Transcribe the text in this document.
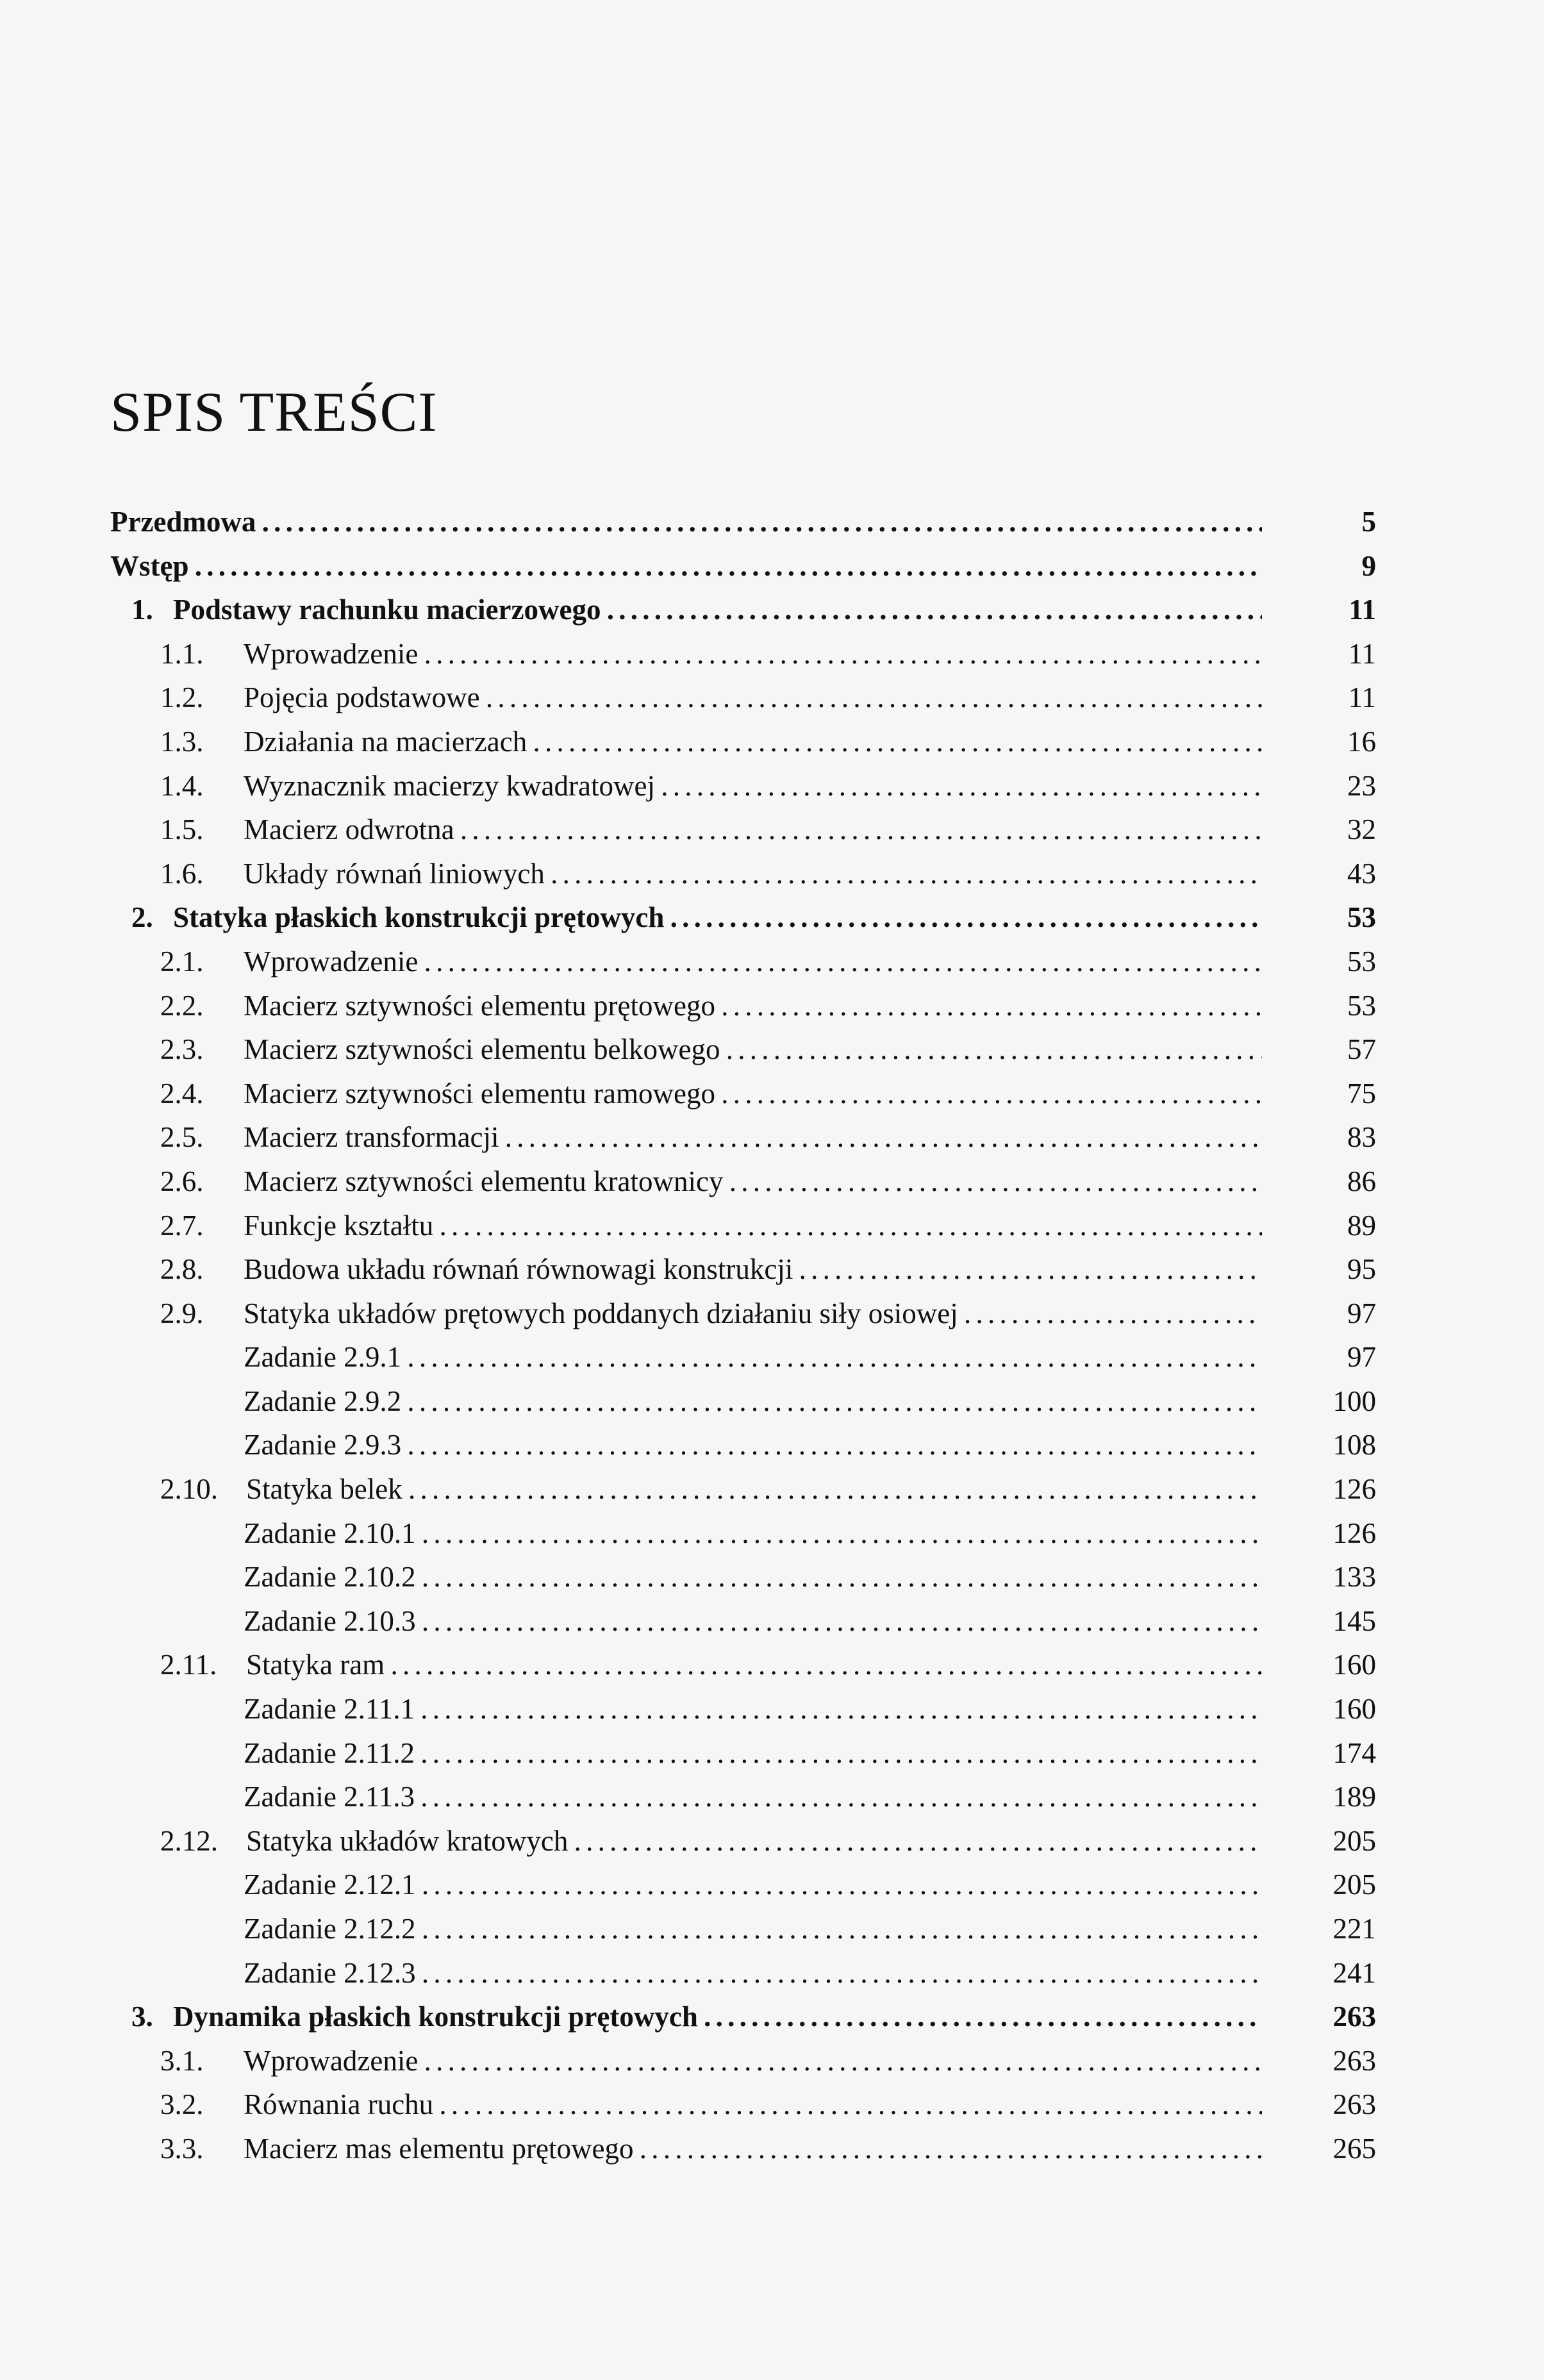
SPIS TREŚCI
Przedmowa . . .	5
Wstęp . . .	9
1. Podstawy rachunku macierzowego . . .	11
1.1. Wprowadzenie . . .	11
1.2. Pojęcia podstawowe . . .	11
1.3. Działania na macierzach . . .	16
1.4. Wyznacznik macierzy kwadratowej . . .	23
1.5. Macierz odwrotna . . .	32
1.6. Układy równań liniowych . . .	43
2. Statyka płaskich konstrukcji prętowych . . .	53
2.1. Wprowadzenie . . .	53
2.2. Macierz sztywności elementu prętowego . . .	53
2.3. Macierz sztywności elementu belkowego . . .	57
2.4. Macierz sztywności elementu ramowego . . .	75
2.5. Macierz transformacji . . .	83
2.6. Macierz sztywności elementu kratownicy . . .	86
2.7. Funkcje kształtu . . .	89
2.8. Budowa układu równań równowagi konstrukcji . . .	95
2.9. Statyka układów prętowych poddanych działaniu siły osiowej . . .	97
Zadanie 2.9.1 . . .	97
Zadanie 2.9.2 . . .	100
Zadanie 2.9.3 . . .	108
2.10. Statyka belek . . .	126
Zadanie 2.10.1 . . .	126
Zadanie 2.10.2 . . .	133
Zadanie 2.10.3 . . .	145
2.11. Statyka ram . . .	160
Zadanie 2.11.1 . . .	160
Zadanie 2.11.2 . . .	174
Zadanie 2.11.3 . . .	189
2.12. Statyka układów kratowych . . .	205
Zadanie 2.12.1 . . .	205
Zadanie 2.12.2 . . .	221
Zadanie 2.12.3 . . .	241
3. Dynamika płaskich konstrukcji prętowych . . .	263
3.1. Wprowadzenie . . .	263
3.2. Równania ruchu . . .	263
3.3. Macierz mas elementu prętowego . . .	265
